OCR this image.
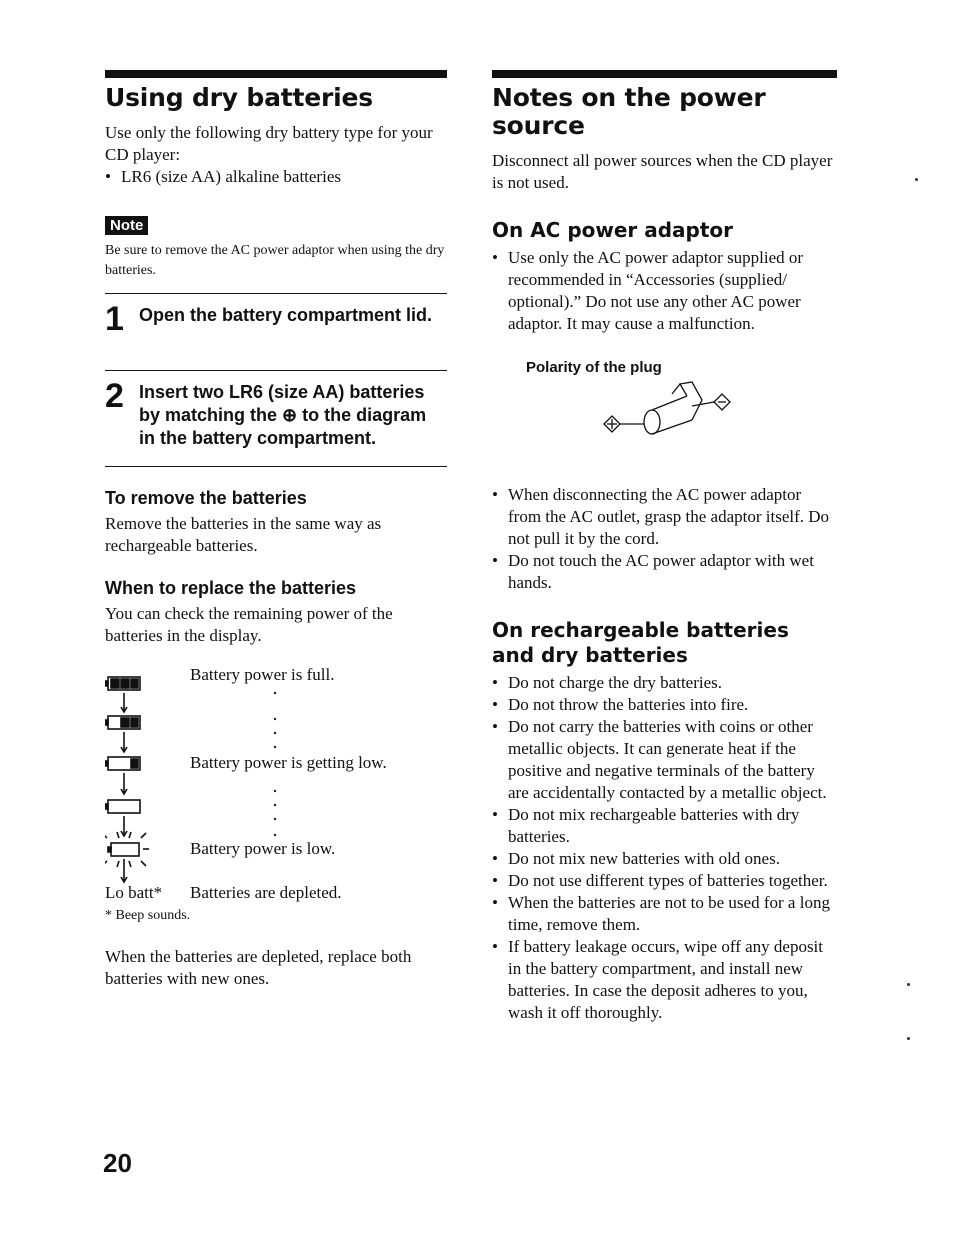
Using dry batteries

Use only the following dry battery type for your CD player:

• LR6 (size AA) alkaline batteries

Note

Be sure to remove the AC power adaptor when using the dry batteries.

1 Open the battery compartment lid.
2 Insert two LR6 (size AA) batteries by matching the ⊕ to the diagram in the battery compartment.
To remove the batteries

Remove the batteries in the same way as rechargeable batteries.

When to replace the batteries

You can check the remaining power of the batteries in the display.

Battery power is full.
Battery power is getting low.
Battery power is low.
Lo batt* Batteries are depleted.

* Beep sounds.

When the batteries are depleted, replace both batteries with new ones.

Notes on the power source

Disconnect all power sources when the CD player is not used.

On AC power adaptor

• Use only the AC power adaptor supplied or recommended in “Accessories (supplied/ optional).” Do not use any other AC power adaptor. It may cause a malfunction.

Polarity of the plug

• When disconnecting the AC power adaptor from the AC outlet, grasp the adaptor itself. Do not pull it by the cord.

• Do not touch the AC power adaptor with wet hands.

On rechargeable batteries and dry batteries

• Do not charge the dry batteries.

• Do not throw the batteries into fire.

• Do not carry the batteries with coins or other metallic objects. It can generate heat if the positive and negative terminals of the battery are accidentally contacted by a metallic object.

• Do not mix rechargeable batteries with dry batteries.

• Do not mix new batteries with old ones.

• Do not use different types of batteries together.

• When the batteries are not to be used for a long time, remove them.

• If battery leakage occurs, wipe off any deposit in the battery compartment, and install new batteries. In case the deposit adheres to you, wash it off thoroughly.

20
